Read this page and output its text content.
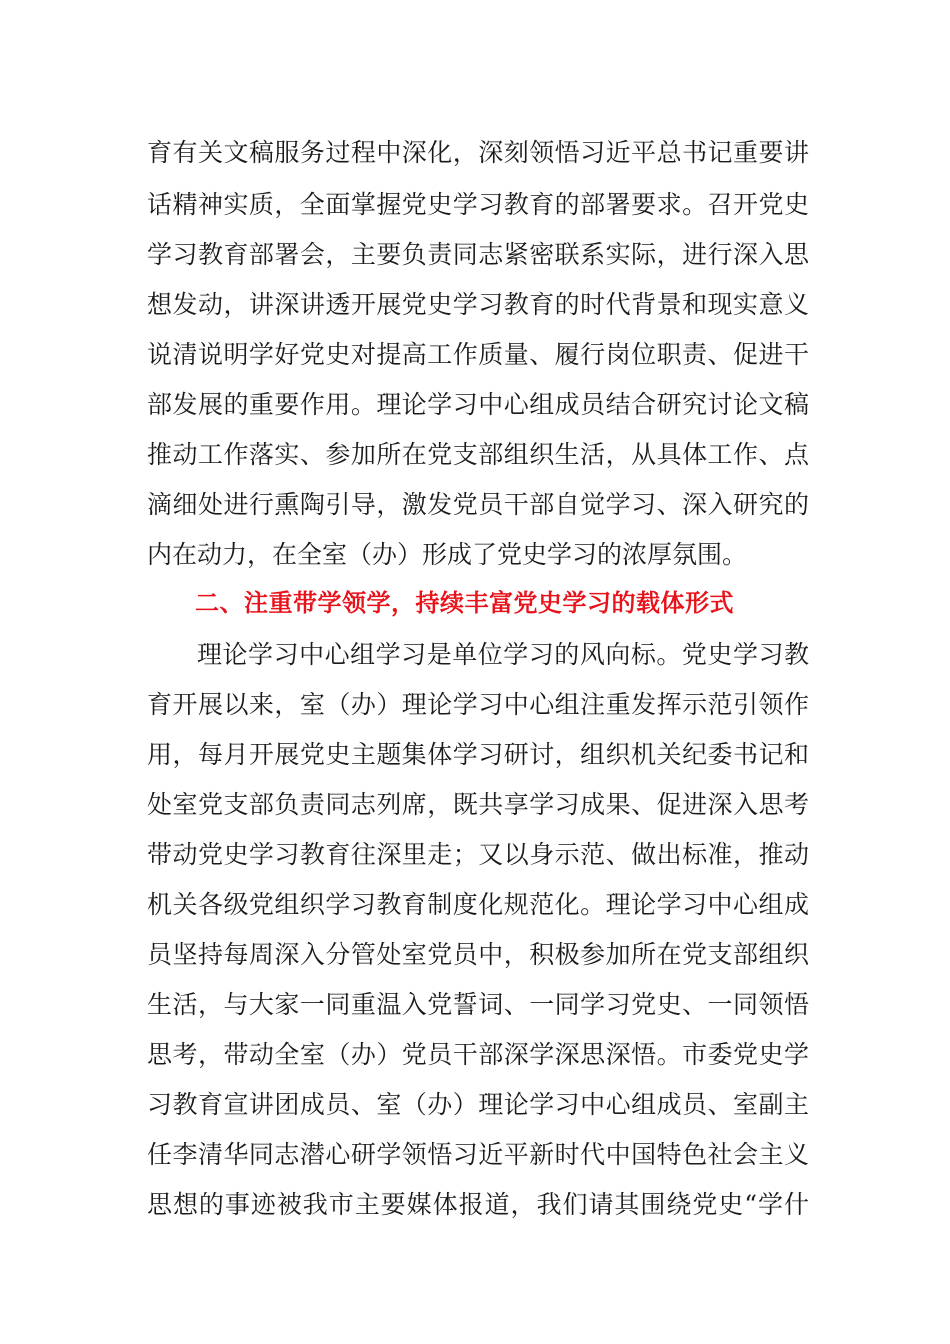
育有关文稿服务过程中深化，深刻领悟习近平总书记重要讲
话精神实质，全面掌握党史学习教育的部署要求。召开党史
学习教育部署会，主要负责同志紧密联系实际，进行深入思
想发动，讲深讲透开展党史学习教育的时代背景和现实意义
说清说明学好党史对提高工作质量、履行岗位职责、促进干
部发展的重要作用。理论学习中心组成员结合研究讨论文稿
推动工作落实、参加所在党支部组织生活，从具体工作、点
滴细处进行熏陶引导，激发党员干部自觉学习、深入研究的
内在动力，在全室（办）形成了党史学习的浓厚氛围。
二、注重带学领学，持续丰富党史学习的载体形式
理论学习中心组学习是单位学习的风向标。党史学习教
育开展以来，室（办）理论学习中心组注重发挥示范引领作
用，每月开展党史主题集体学习研讨，组织机关纪委书记和
处室党支部负责同志列席，既共享学习成果、促进深入思考
带动党史学习教育往深里走；又以身示范、做出标准，推动
机关各级党组织学习教育制度化规范化。理论学习中心组成
员坚持每周深入分管处室党员中，积极参加所在党支部组织
生活，与大家一同重温入党誓词、一同学习党史、一同领悟
思考，带动全室（办）党员干部深学深思深悟。市委党史学
习教育宣讲团成员、室（办）理论学习中心组成员、室副主
任李清华同志潜心研学领悟习近平新时代中国特色社会主义
思想的事迹被我市主要媒体报道，我们请其围绕党史“学什
